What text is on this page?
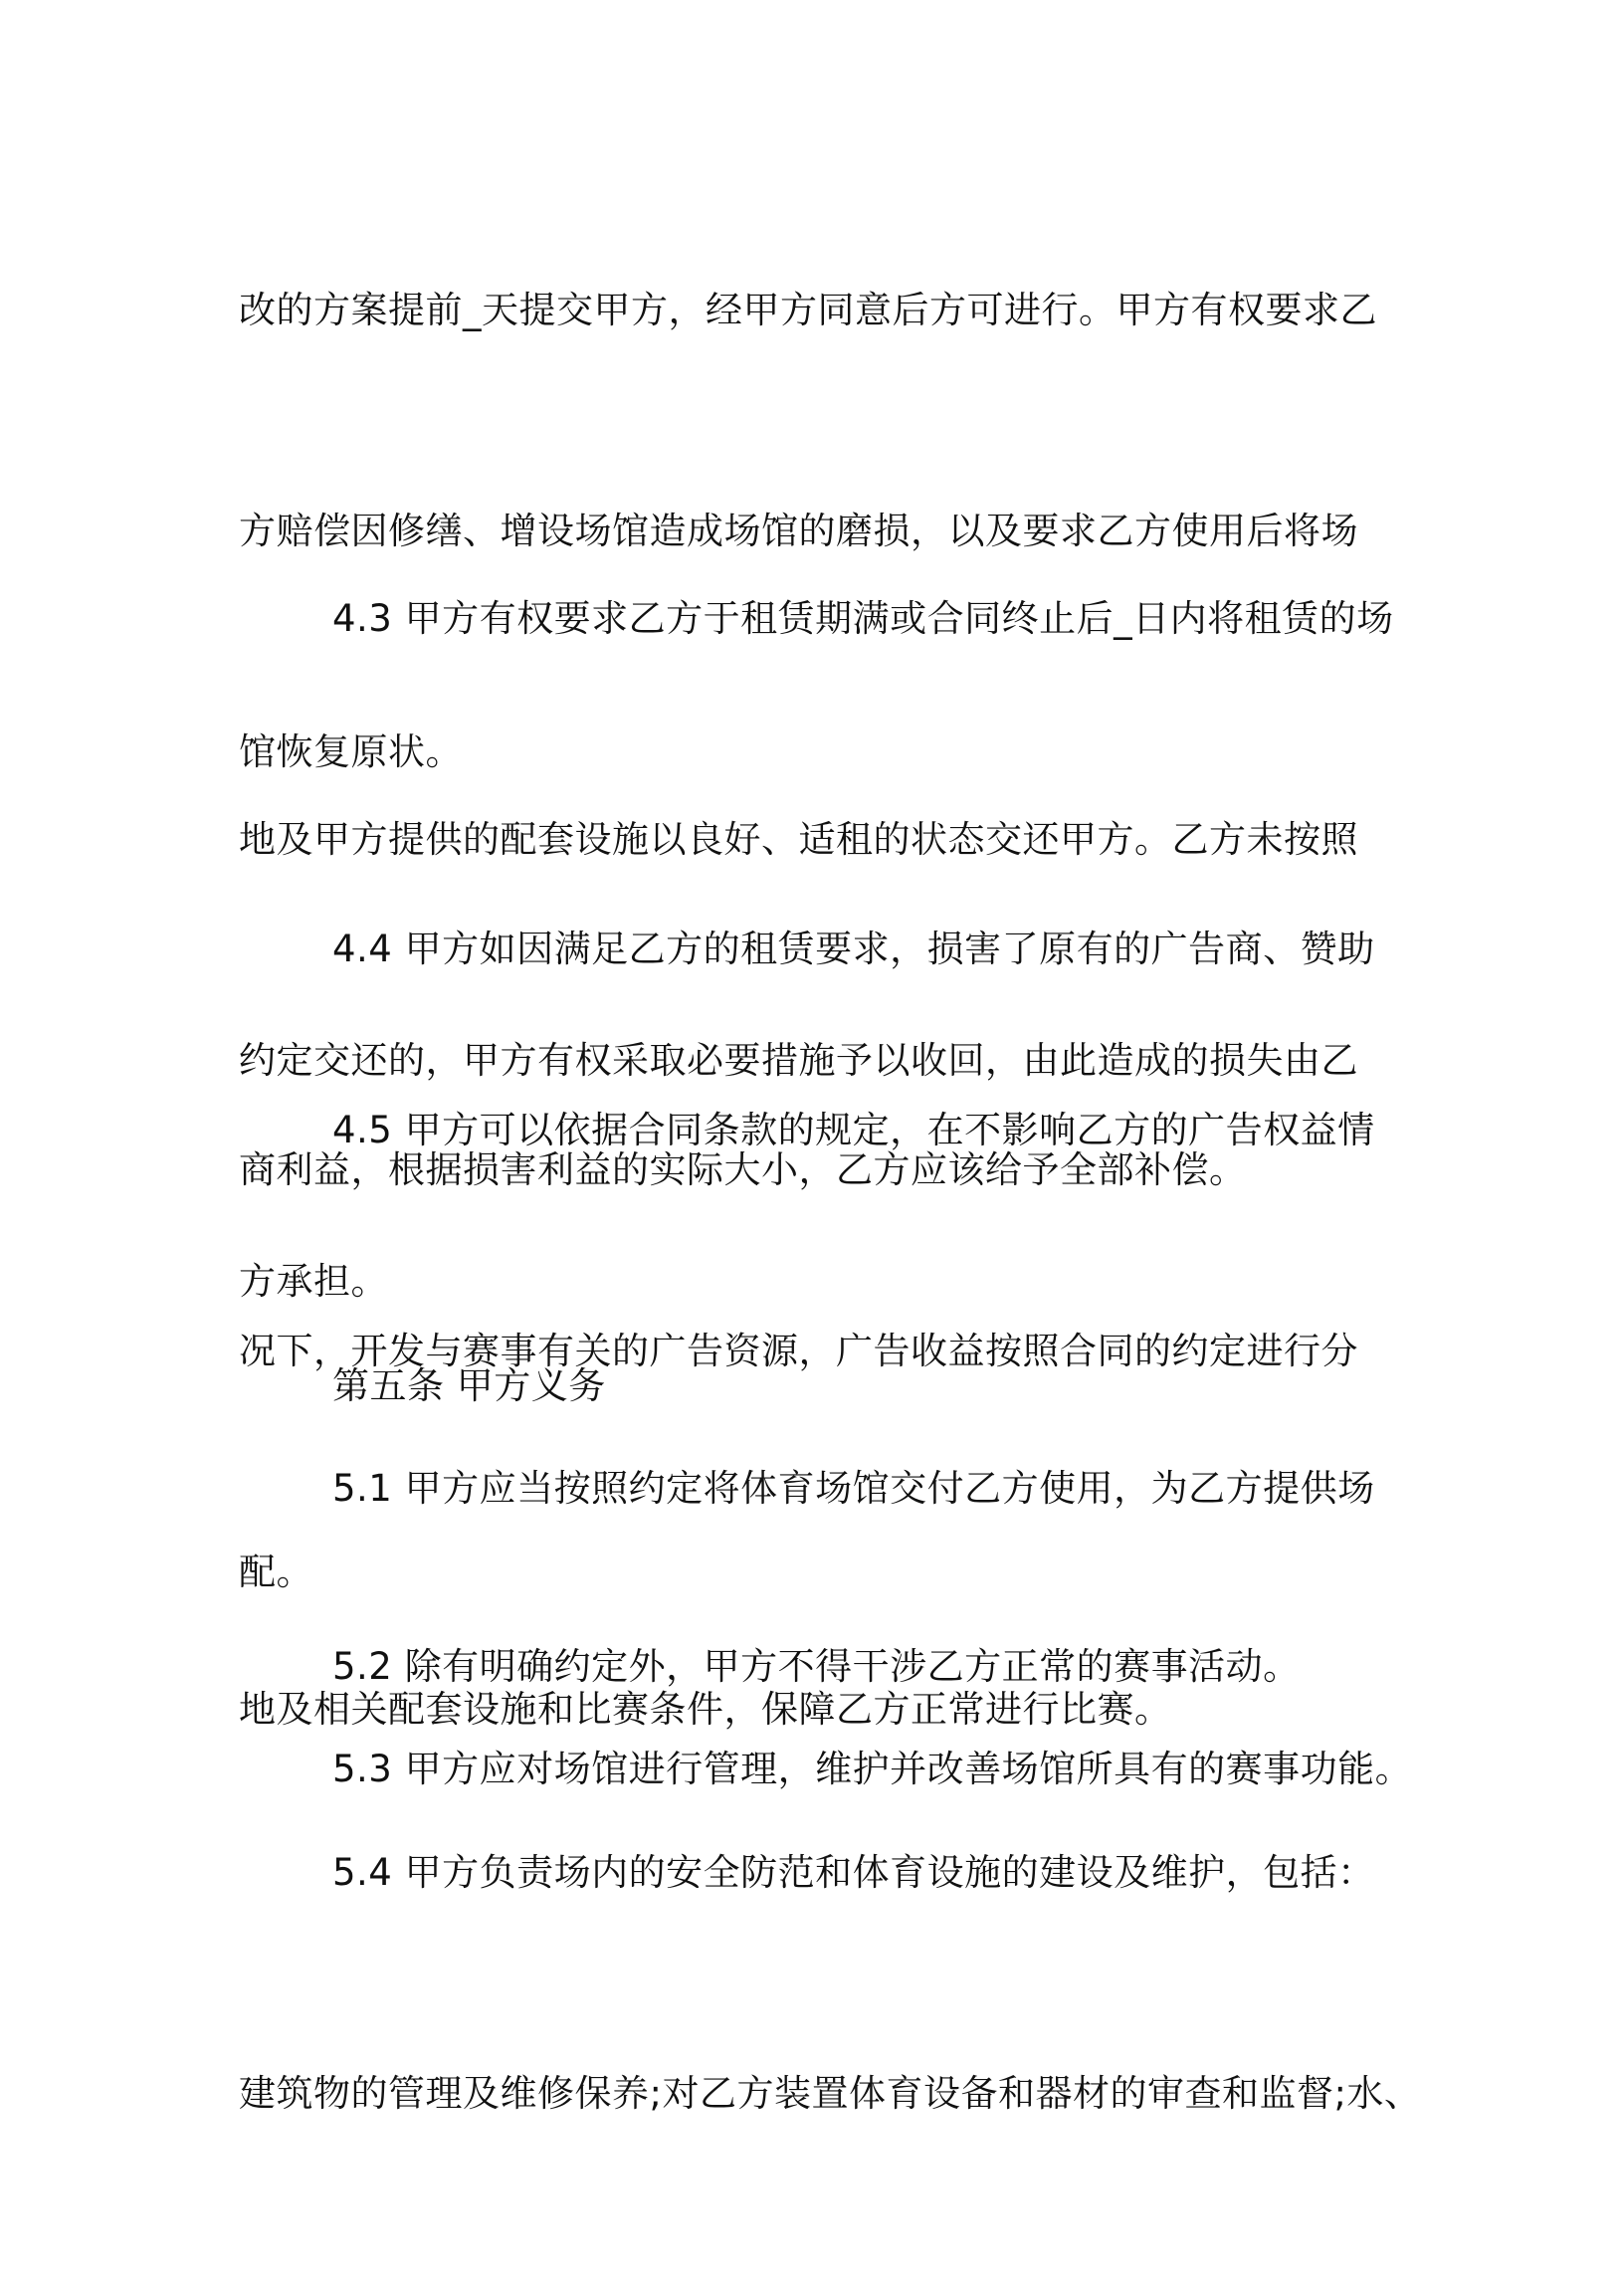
改的方案提前_天提交甲方，经甲方同意后方可进行。甲方有权要求乙

方赔偿因修缮、增设场馆造成场馆的磨损，以及要求乙方使用后将场

馆恢复原状。

4.3 甲方有权要求乙方于租赁期满或合同终止后_日内将租赁的场

地及甲方提供的配套设施以良好、适租的状态交还甲方。乙方未按照

约定交还的，甲方有权采取必要措施予以收回，由此造成的损失由乙

方承担。

4.4 甲方如因满足乙方的租赁要求，损害了原有的广告商、赞助

商利益，根据损害利益的实际大小，乙方应该给予全部补偿。

4.5 甲方可以依据合同条款的规定，在不影响乙方的广告权益情

况下，开发与赛事有关的广告资源，广告收益按照合同的约定进行分

配。

第五条 甲方义务

5.1 甲方应当按照约定将体育场馆交付乙方使用，为乙方提供场

地及相关配套设施和比赛条件，保障乙方正常进行比赛。

5.2 除有明确约定外，甲方不得干涉乙方正常的赛事活动。

5.3 甲方应对场馆进行管理，维护并改善场馆所具有的赛事功能。

5.4 甲方负责场内的安全防范和体育设施的建设及维护，包括：

建筑物的管理及维修保养;对乙方装置体育设备和器材的审查和监督;水、
